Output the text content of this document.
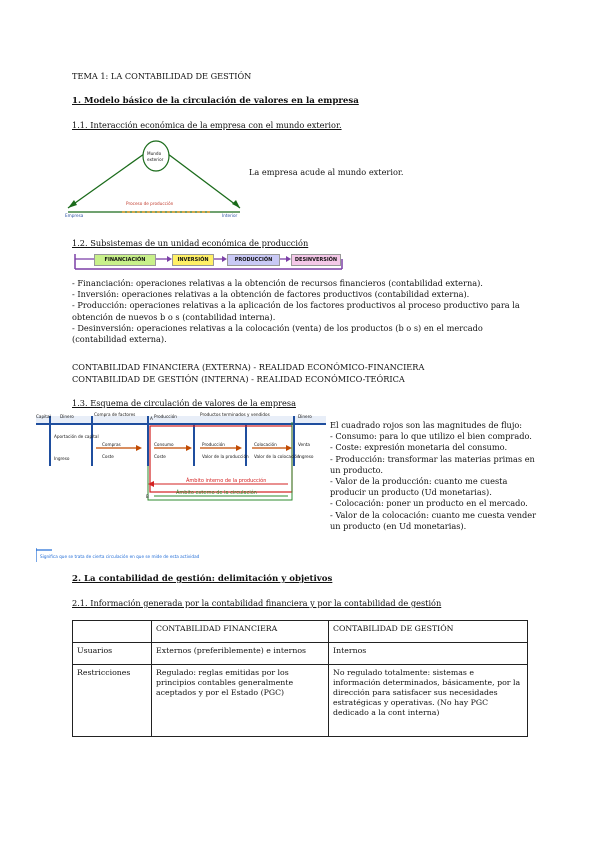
TEMA 1: LA CONTABILIDAD DE GESTIÓN
1. Modelo básico de la circulación de valores en la empresa
1.1. Interacción económica de la empresa con el mundo exterior.
Mundo
exterior
Empresa	Interior
Proceso de producción
La empresa acude al mundo exterior.
1.2. Subsistemas de un unidad económica de producción
FINANCIACIÓN	INVERSIÓN	PRODUCCIÓN	DESINVERSIÓN
- Financiación: operaciones relativas a la obtención de recursos financieros (contabilidad externa).
- Inversión: operaciones relativas a la obtención de factores productivos (contabilidad externa).
- Producción: operaciones relativas a la aplicación de los factores productivos al proceso productivo para la obtención de nuevos b o s (contabilidad interna).
- Desinversión: operaciones relativas a la colocación (venta) de los productos (b o s) en el mercado (contabilidad externa).
CONTABILIDAD FINANCIERA (EXTERNA) - REALIDAD ECONÓMICO-FINANCIERA
CONTABILIDAD DE GESTIÓN (INTERNA) - REALIDAD ECONÓMICO-TEÓRICA
1.3. Esquema de circulación de valores de la empresa
Capital Dinero	Compra de factores	Producción	Productos terminados y vendidos	Dinero
Aportación de capital
Compras	Consumo	Producción	Colocación	Venta
Ingreso	Coste	Coste	Valor de la producción Valor de la colocación
Ingreso
Ámbito interno de la producción
Ámbito externo de la circulación
A
B
Significa que se trata de cierta circulación en que se mide de esta actividad
El cuadrado rojos son las magnitudes de flujo:
- Consumo: para lo que utilizo el bien comprado.
- Coste: expresión monetaria del consumo.
- Producción: transformar las materias primas en un producto.
- Valor de la producción: cuanto me cuesta producir un producto (Ud monetarias).
- Colocación: poner un producto en el mercado.
- Valor de la colocación: cuanto me cuesta vender un producto (en Ud monetarias).
2. La contabilidad de gestión: delimitación y objetivos
2.1. Información generada por la contabilidad financiera y por la contabilidad de gestión
	CONTABILIDAD FINANCIERA	CONTABILIDAD DE GESTIÓN
Usuarios	Externos (preferiblemente) e internos	Internos
Restricciones	Regulado: reglas emitidas por los principios contables generalmente aceptados y por el Estado (PGC)	No regulado totalmente: sistemas e información determinados, básicamente, por la dirección para satisfacer sus necesidades estratégicas y operativas. (No hay PGC dedicado a la cont interna)
